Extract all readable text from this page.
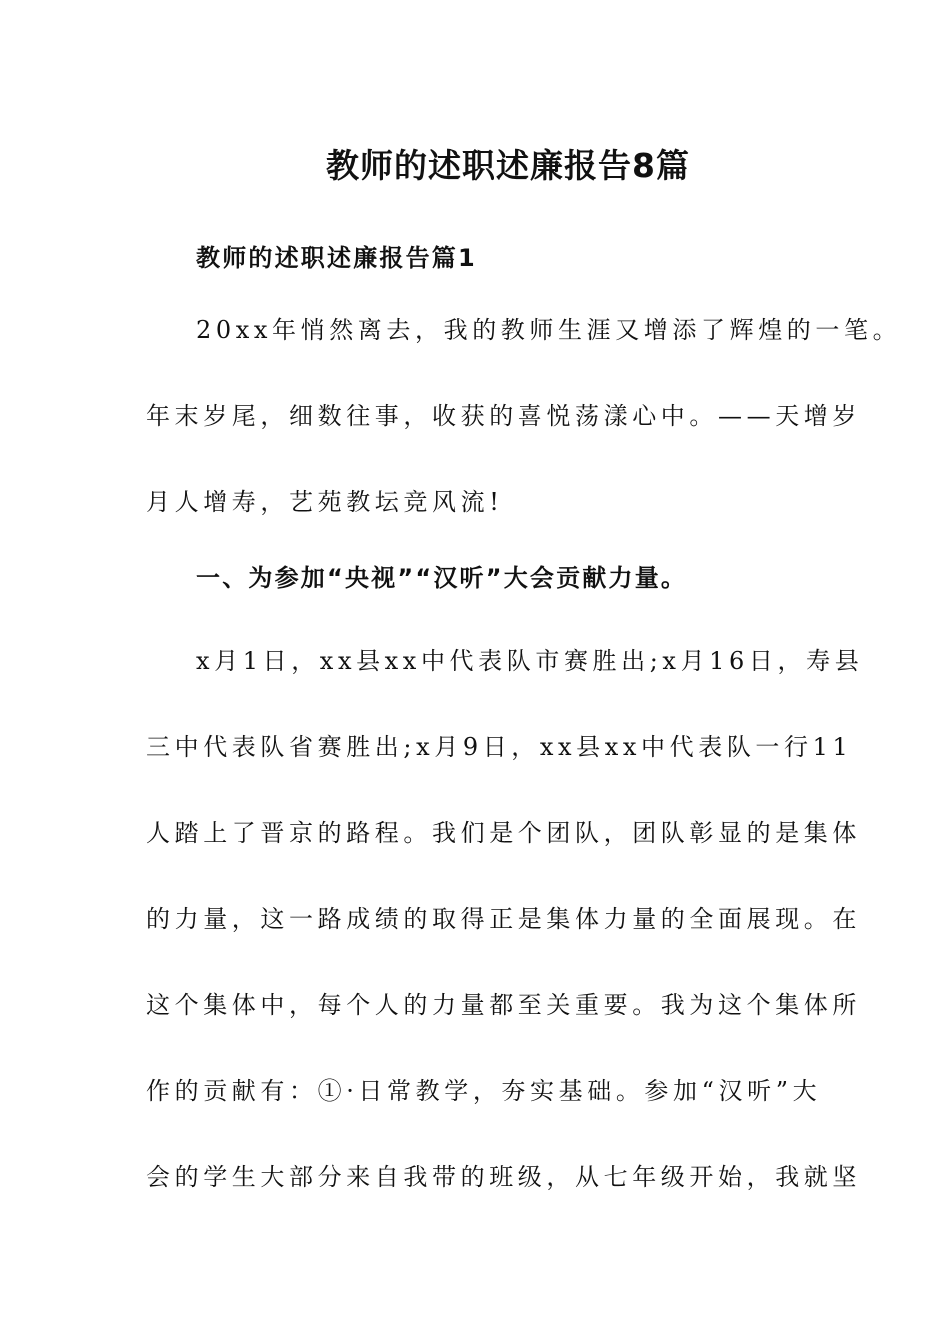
教师的述职述廉报告8篇
教师的述职述廉报告篇1
20xx年悄然离去，我的教师生涯又增添了辉煌的一笔。
年末岁尾，细数往事，收获的喜悦荡漾心中。——天增岁
月人增寿，艺苑教坛竞风流!
一、为参加“央视”“汉听”大会贡献力量。
x月1日，xx县xx中代表队市赛胜出;x月16日，寿县
三中代表队省赛胜出;x月9日，xx县xx中代表队一行11
人踏上了晋京的路程。我们是个团队，团队彰显的是集体
的力量，这一路成绩的取得正是集体力量的全面展现。在
这个集体中，每个人的力量都至关重要。我为这个集体所
作的贡献有：①·日常教学，夯实基础。参加“汉听”大
会的学生大部分来自我带的班级，从七年级开始，我就坚
